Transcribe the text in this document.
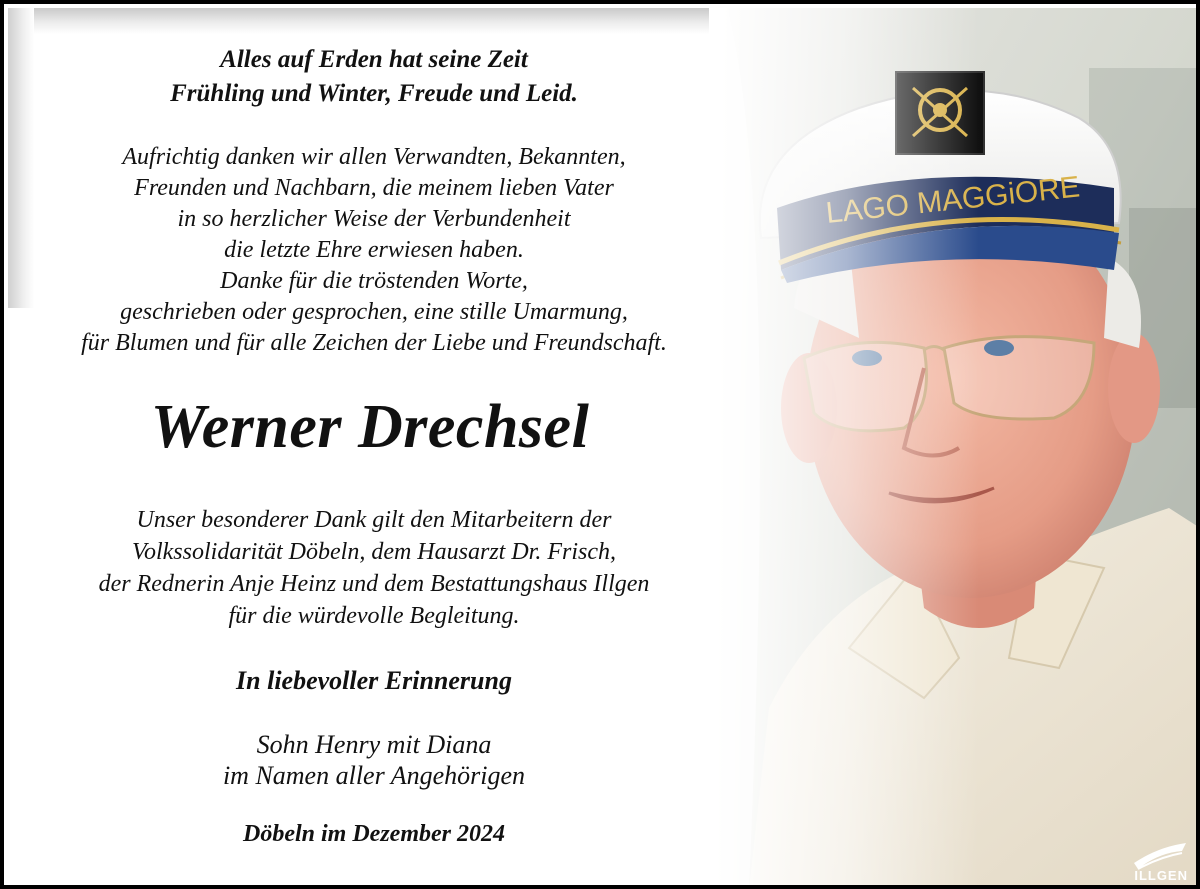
Alles auf Erden hat seine Zeit
Frühling und Winter, Freude und Leid.
Aufrichtig danken wir allen Verwandten, Bekannten,
Freunden und Nachbarn, die meinem lieben Vater
in so herzlicher Weise der Verbundenheit
die letzte Ehre erwiesen haben.
Danke für die tröstenden Worte,
geschrieben oder gesprochen, eine stille Umarmung,
für Blumen und für alle Zeichen der Liebe und Freundschaft.
Werner Drechsel
Unser besonderer Dank gilt den Mitarbeitern der
Volkssolidarität Döbeln, dem Hausarzt Dr. Frisch,
der Rednerin Anje Heinz und dem Bestattungshaus Illgen
für die würdevolle Begleitung.
In liebevoller Erinnerung
Sohn Henry mit Diana
im Namen aller Angehörigen
Döbeln im Dezember 2024
ILLGEN
